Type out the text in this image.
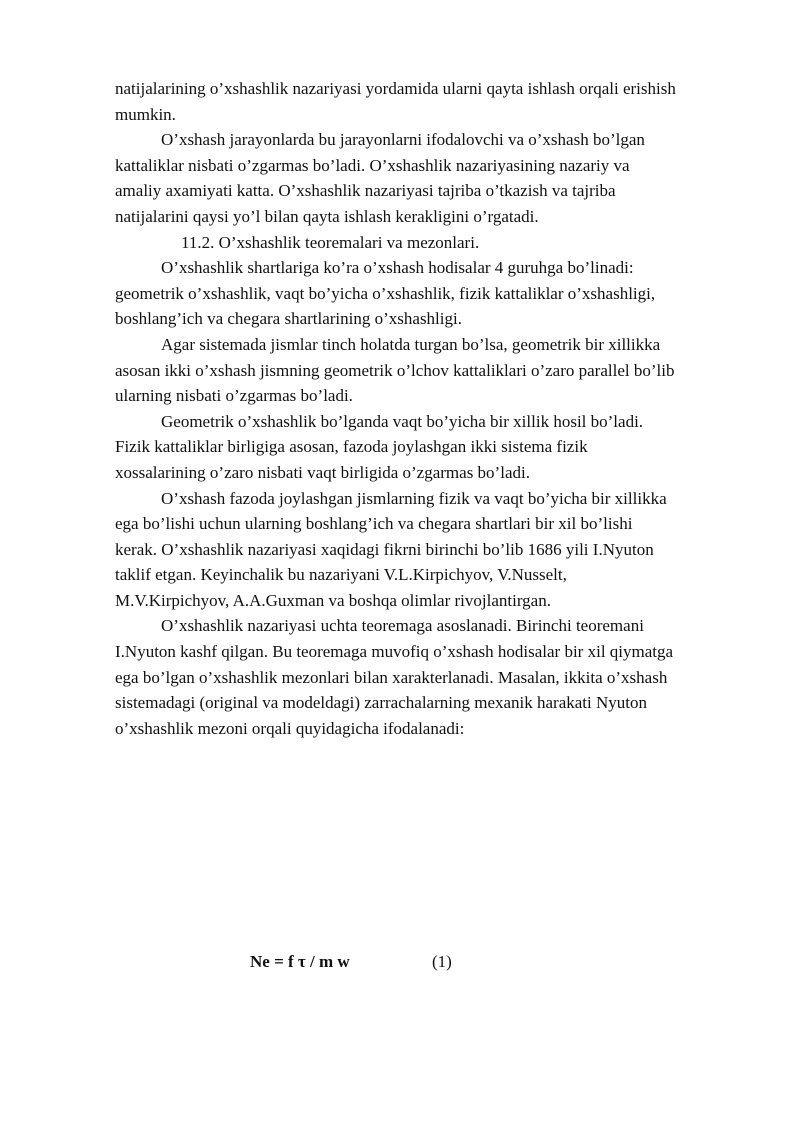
natijalarining o’xshashlik nazariyasi yordamida ularni qayta ishlash orqali erishish
mumkin.
O’xshash jarayonlarda bu jarayonlarni ifodalovchi va o’xshash bo’lgan
kattaliklar nisbati o’zgarmas bo’ladi. O’xshashlik nazariyasining nazariy va
amaliy axamiyati katta. O’xshashlik nazariyasi tajriba o’tkazish va tajriba
natijalarini qaysi yo’l bilan qayta ishlash kerakligini o’rgatadi.
11.2. O’xshashlik teoremalari va mezonlari.
O’xshashlik shartlariga ko’ra o’xshash hodisalar 4 guruhga bo’linadi:
geometrik o’xshashlik, vaqt bo’yicha o’xshashlik, fizik kattaliklar o’xshashligi,
boshlang’ich va chegara shartlarining o’xshashligi.
Agar sistemada jismlar tinch holatda turgan bo’lsa, geometrik bir xillikka
asosan ikki o’xshash jismning geometrik o’lchov kattaliklari o’zaro parallel bo’lib
ularning nisbati o’zgarmas bo’ladi.
Geometrik o’xshashlik bo’lganda vaqt bo’yicha bir xillik hosil bo’ladi.
Fizik kattaliklar birligiga asosan, fazoda joylashgan ikki sistema fizik
xossalarining o’zaro nisbati vaqt birligida o’zgarmas bo’ladi.
O’xshash fazoda joylashgan jismlarning fizik va vaqt bo’yicha bir xillikka
ega bo’lishi uchun ularning boshlang’ich va chegara shartlari bir xil bo’lishi
kerak. O’xshashlik nazariyasi xaqidagi fikrni birinchi bo’lib 1686 yili I.Nyuton
taklif etgan. Keyinchalik bu nazariyani V.L.Kirpichyov, V.Nusselt,
M.V.Kirpichyov, A.A.Guxman va boshqa olimlar rivojlantirgan.
O’xshashlik nazariyasi uchta teoremaga asoslanadi. Birinchi teoremani
I.Nyuton kashf qilgan. Bu teoremaga muvofiq o’xshash hodisalar bir xil qiymatga
ega bo’lgan o’xshashlik mezonlari bilan xarakterlanadi. Masalan, ikkita o’xshash
sistemadagi (original va modeldagi) zarrachalarning mexanik harakati Nyuton
o’xshashlik mezoni orqali quyidagicha ifodalanadi:
Ne = f τ / m w	(1)
